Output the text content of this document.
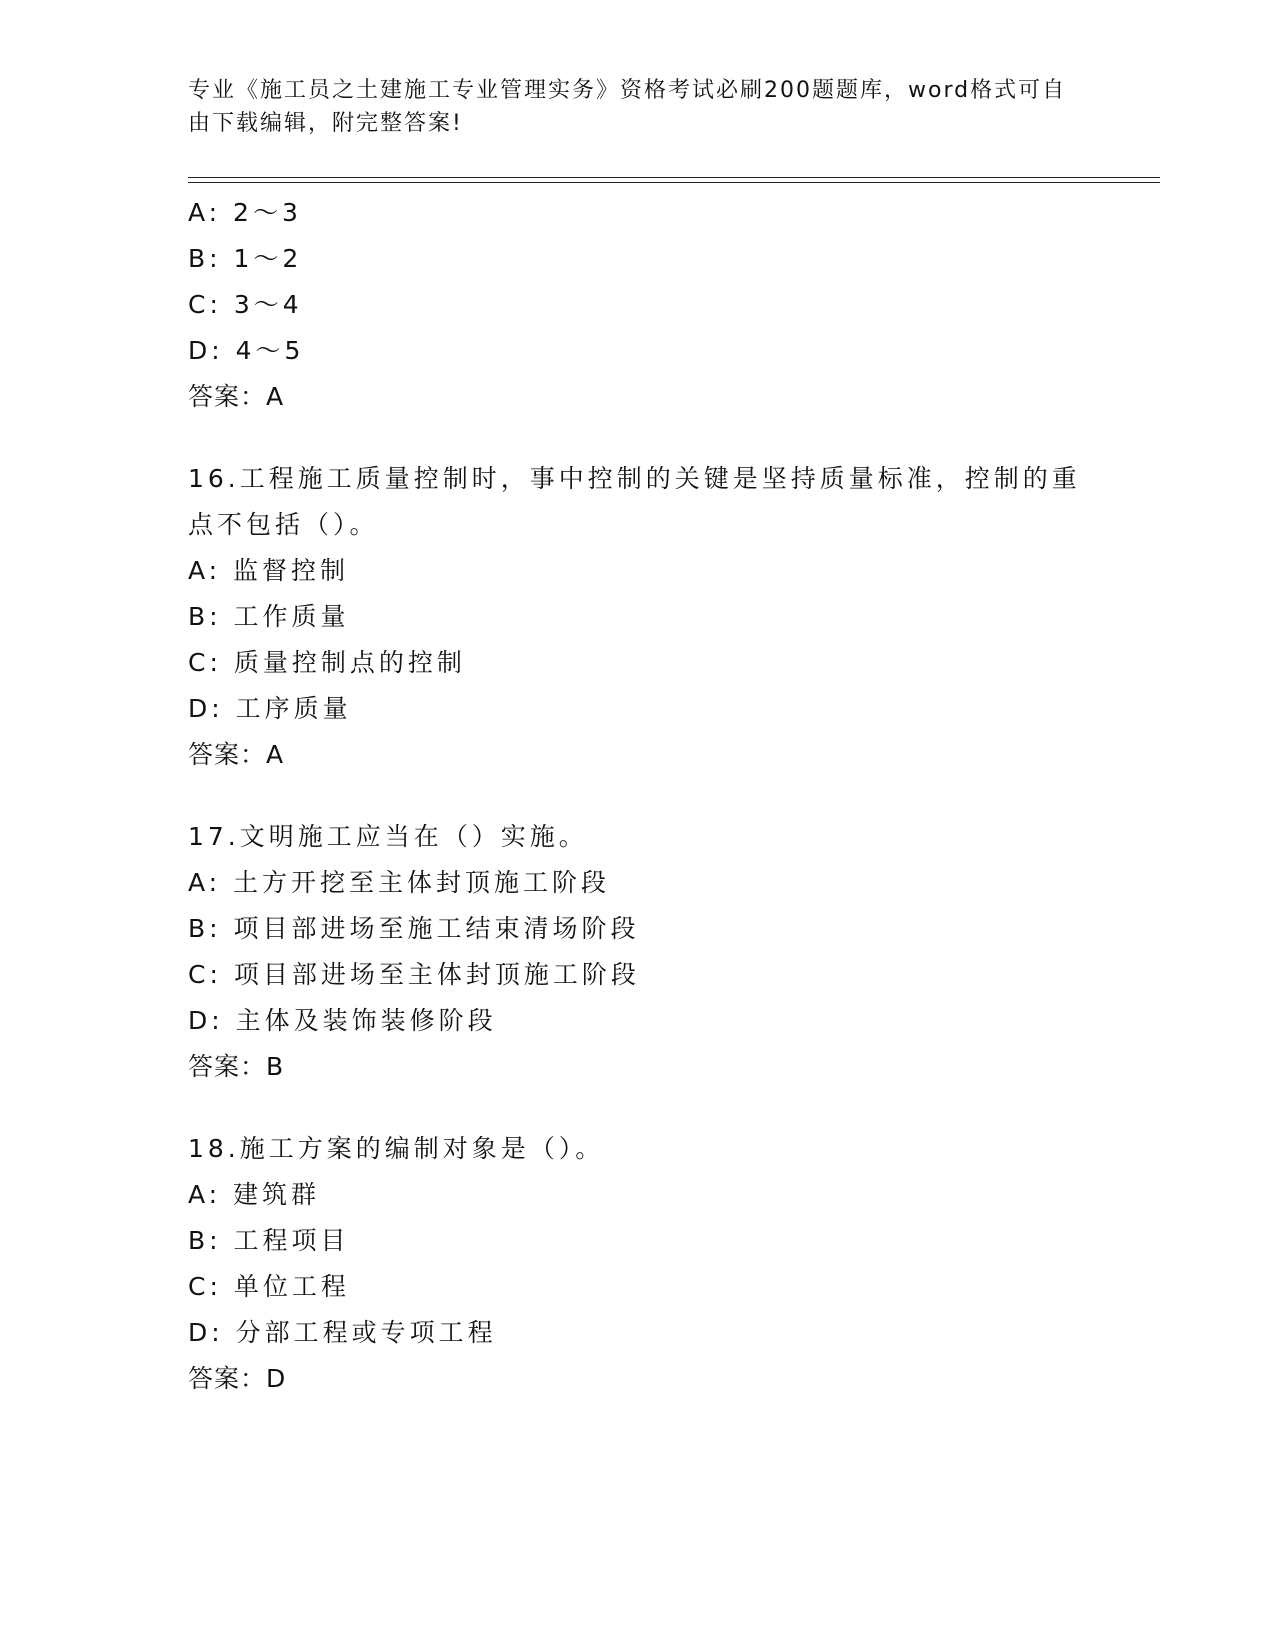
专业《施工员之土建施工专业管理实务》资格考试必刷200题题库，word格式可自由下载编辑，附完整答案!

A: 2～3

B: 1～2

C: 3～4

D: 4～5

答案：A

16.工程施工质量控制时，事中控制的关键是坚持质量标准，控制的重点不包括（）。

A: 监督控制

B: 工作质量

C: 质量控制点的控制

D: 工序质量

答案：A

17.文明施工应当在（）实施。

A: 土方开挖至主体封顶施工阶段

B: 项目部进场至施工结束清场阶段

C: 项目部进场至主体封顶施工阶段

D: 主体及装饰装修阶段

答案：B

18.施工方案的编制对象是（）。

A: 建筑群

B: 工程项目

C: 单位工程

D: 分部工程或专项工程

答案：D
